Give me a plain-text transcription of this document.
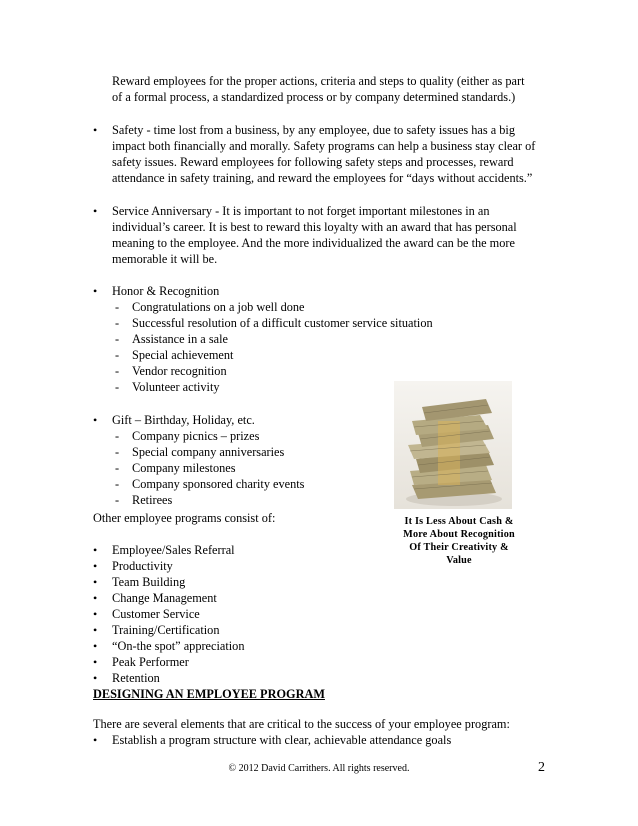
Reward employees for the proper actions, criteria and steps to quality (either as part
of a formal process, a standardized process or by company determined standards.)
• Safety - time lost from a business, by any employee, due to safety issues has a big
impact both financially and morally. Safety programs can help a business stay clear of
safety issues. Reward employees for following safety steps and processes, reward
attendance in safety training, and reward the employees for “days without accidents.”
• Service Anniversary - It is important to not forget important milestones in an
individual’s career. It is best to reward this loyalty with an award that has personal
meaning to the employee. And the more individualized the award can be the more
memorable it will be.
• Honor & Recognition
- Congratulations on a job well done
- Successful resolution of a difficult customer service situation
- Assistance in a sale
- Special achievement
- Vendor recognition
- Volunteer activity
• Gift – Birthday, Holiday, etc.
- Company picnics – prizes
- Special company anniversaries
- Company milestones
- Company sponsored charity events
- Retirees
Other employee programs consist of:
• Employee/Sales Referral
• Productivity
• Team Building
• Change Management
• Customer Service
• Training/Certification
• “On-the spot” appreciation
• Peak Performer
• Retention
It Is Less About Cash &
More About Recognition
Of Their Creativity &
Value
DESIGNING AN EMPLOYEE PROGRAM
There are several elements that are critical to the success of your employee program:
• Establish a program structure with clear, achievable attendance goals
© 2012 David Carrithers. All rights reserved.	2
